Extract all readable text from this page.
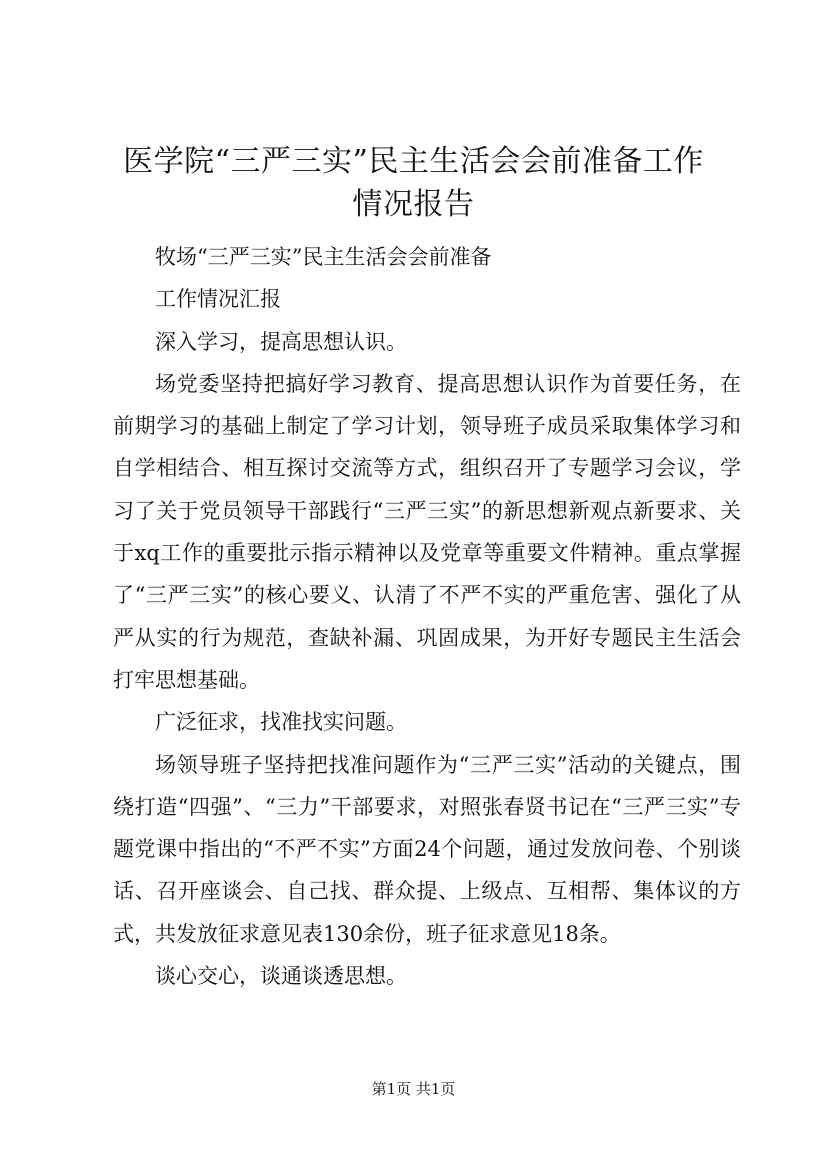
医学院“三严三实”民主生活会会前准备工作
情况报告

牧场“三严三实”民主生活会会前准备

工作情况汇报

深入学习，提高思想认识。

场党委坚持把搞好学习教育、提高思想认识作为首要任务，在前期学习的基础上制定了学习计划，领导班子成员采取集体学习和自学相结合、相互探讨交流等方式，组织召开了专题学习会议，学习了关于党员领导干部践行“三严三实”的新思想新观点新要求、关于xq工作的重要批示指示精神以及党章等重要文件精神。重点掌握了“三严三实”的核心要义、认清了不严不实的严重危害、强化了从严从实的行为规范，查缺补漏、巩固成果，为开好专题民主生活会打牢思想基础。

广泛征求，找准找实问题。

场领导班子坚持把找准问题作为“三严三实”活动的关键点，围绕打造“四强”、“三力”干部要求，对照张春贤书记在“三严三实”专题党课中指出的“不严不实”方面24个问题，通过发放问卷、个别谈话、召开座谈会、自己找、群众提、上级点、互相帮、集体议的方式，共发放征求意见表130余份，班子征求意见18条。

谈心交心，谈通谈透思想。

第1页 共1页
